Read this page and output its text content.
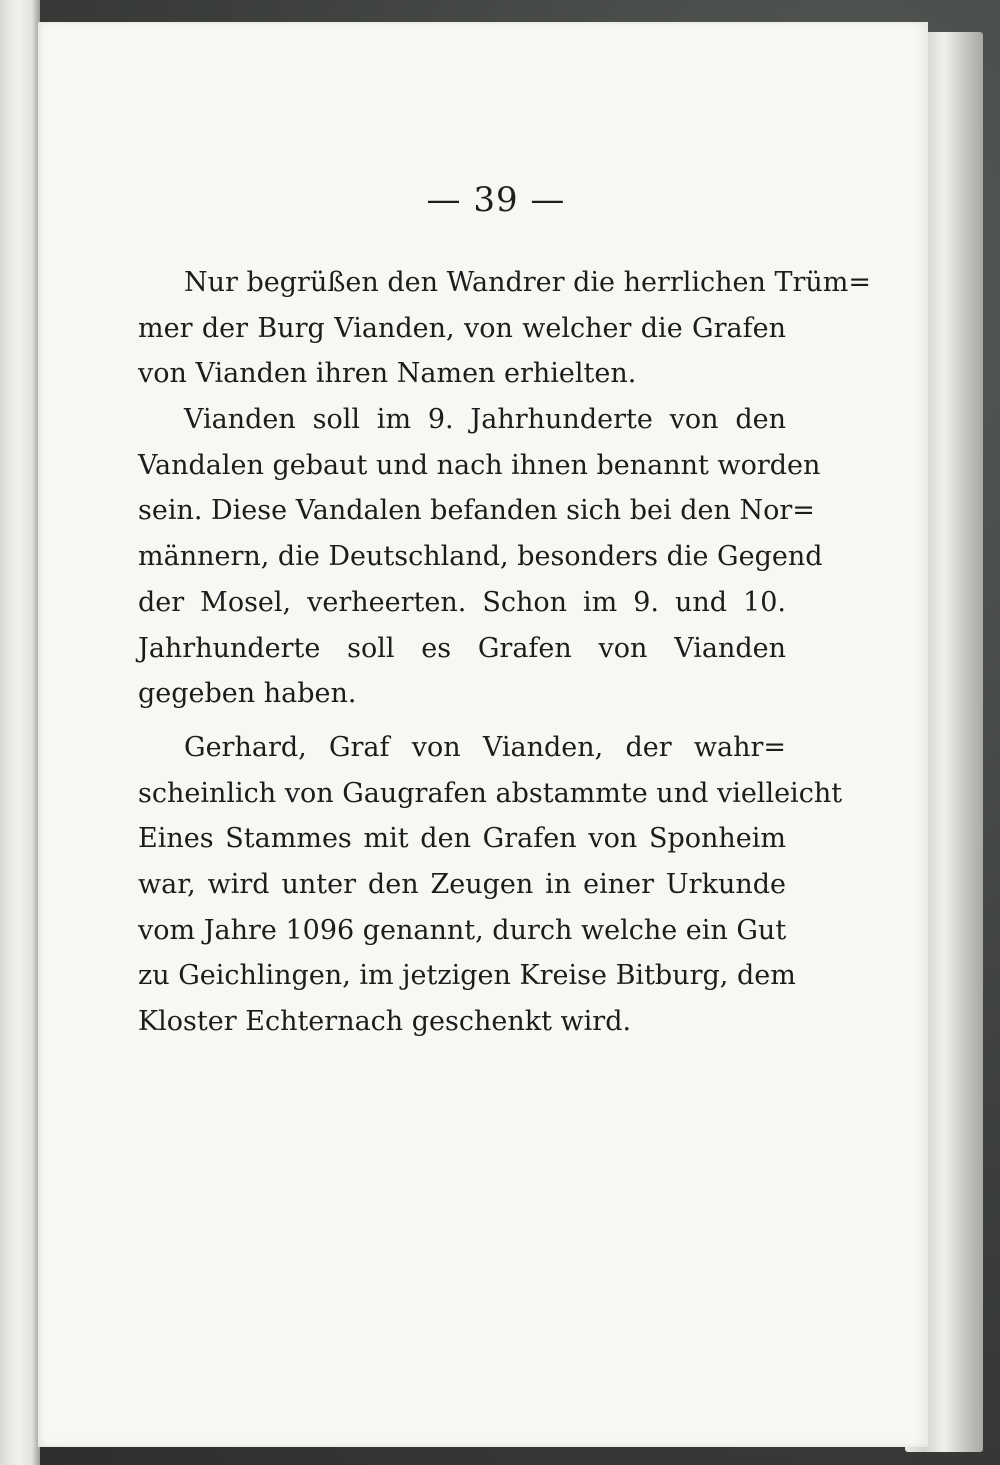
— 39 —
Nur begrüßen den Wandrer die herrlichen Trüm=
mer der Burg Vianden, von welcher die Grafen
von Vianden ihren Namen erhielten.
Vianden soll im 9. Jahrhunderte von den
Vandalen gebaut und nach ihnen benannt worden
sein. Diese Vandalen befanden sich bei den Nor=
männern, die Deutschland, besonders die Gegend
der Mosel, verheerten. Schon im 9. und 10.
Jahrhunderte soll es Grafen von Vianden
gegeben haben.
Gerhard, Graf von Vianden, der wahr=
scheinlich von Gaugrafen abstammte und vielleicht
Eines Stammes mit den Grafen von Sponheim
war, wird unter den Zeugen in einer Urkunde
vom Jahre 1096 genannt, durch welche ein Gut
zu Geichlingen, im jetzigen Kreise Bitburg, dem
Kloster Echternach geschenkt wird.
